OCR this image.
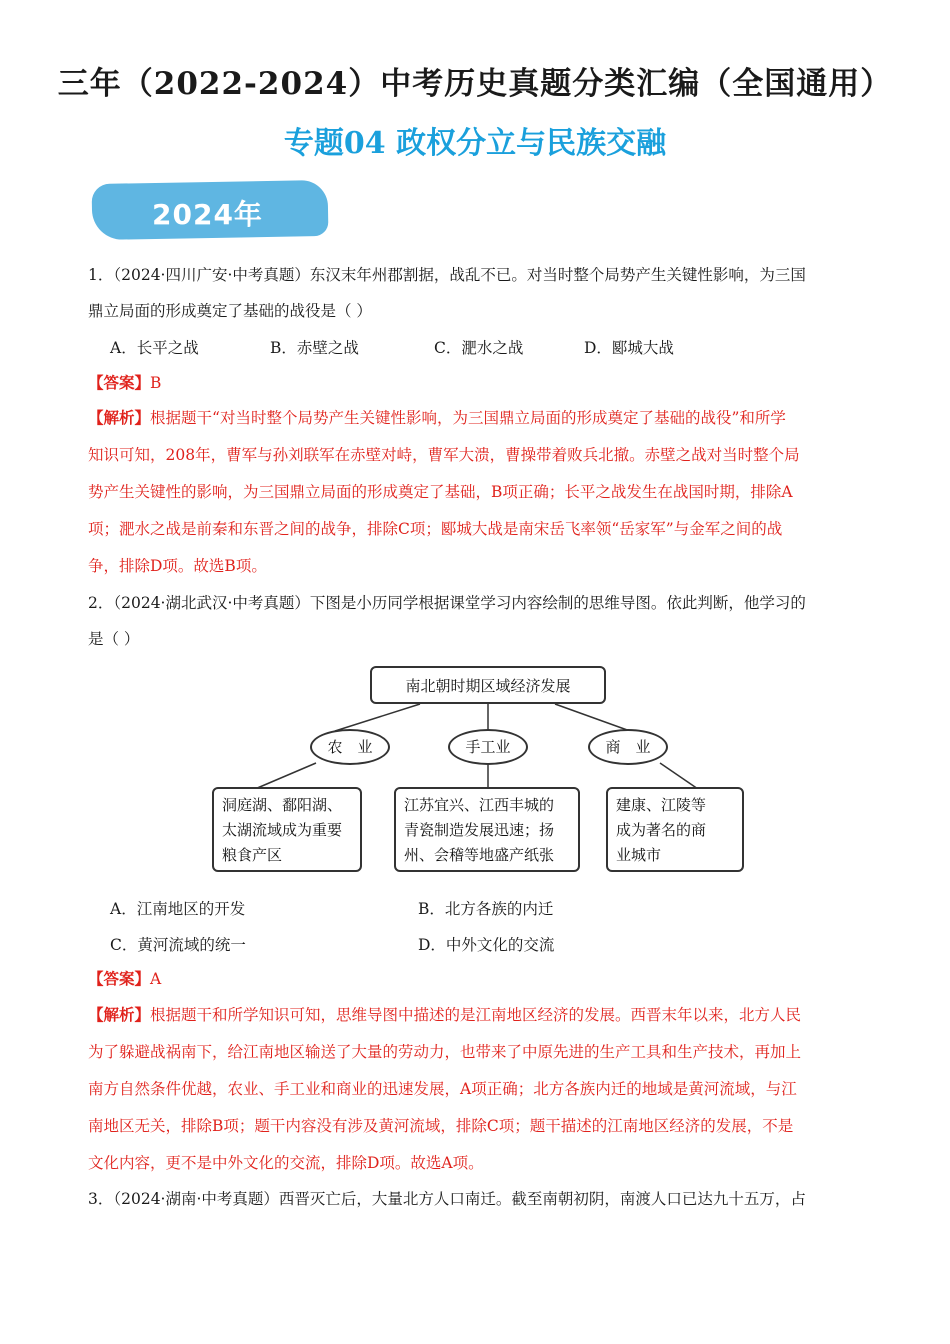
三年（2022-2024）中考历史真题分类汇编（全国通用）
专题04 政权分立与民族交融
2024年
1．（2024·四川广安·中考真题）东汉末年州郡割据，战乱不已。对当时整个局势产生关键性影响，为三国
鼎立局面的形成奠定了基础的战役是（ ）
A．长平之战	B．赤壁之战	C．淝水之战	D．郾城大战
【答案】B
【解析】根据题干“对当时整个局势产生关键性影响，为三国鼎立局面的形成奠定了基础的战役”和所学
知识可知，208年，曹军与孙刘联军在赤壁对峙，曹军大溃，曹操带着败兵北撤。赤壁之战对当时整个局
势产生关键性的影响，为三国鼎立局面的形成奠定了基础，B项正确；长平之战发生在战国时期，排除A
项；淝水之战是前秦和东晋之间的战争，排除C项；郾城大战是南宋岳飞率领“岳家军”与金军之间的战
争，排除D项。故选B项。
2．（2024·湖北武汉·中考真题）下图是小历同学根据课堂学习内容绘制的思维导图。依此判断，他学习的
是（ ）
南北朝时期区域经济发展
农　业	手工业	商　业
洞庭湖、鄱阳湖、
太湖流域成为重要
粮食产区
江苏宜兴、江西丰城的
青瓷制造发展迅速；扬
州、会稽等地盛产纸张
建康、江陵等
成为著名的商
业城市
A．江南地区的开发	B．北方各族的内迁
C．黄河流域的统一	D．中外文化的交流
【答案】A
【解析】根据题干和所学知识可知，思维导图中描述的是江南地区经济的发展。西晋末年以来，北方人民
为了躲避战祸南下，给江南地区输送了大量的劳动力，也带来了中原先进的生产工具和生产技术，再加上
南方自然条件优越，农业、手工业和商业的迅速发展，A项正确；北方各族内迁的地域是黄河流域，与江
南地区无关，排除B项；题干内容没有涉及黄河流域，排除C项；题干描述的江南地区经济的发展，不是
文化内容，更不是中外文化的交流，排除D项。故选A项。
3．（2024·湖南·中考真题）西晋灭亡后，大量北方人口南迁。截至南朝初阴，南渡人口已达九十五万，占
